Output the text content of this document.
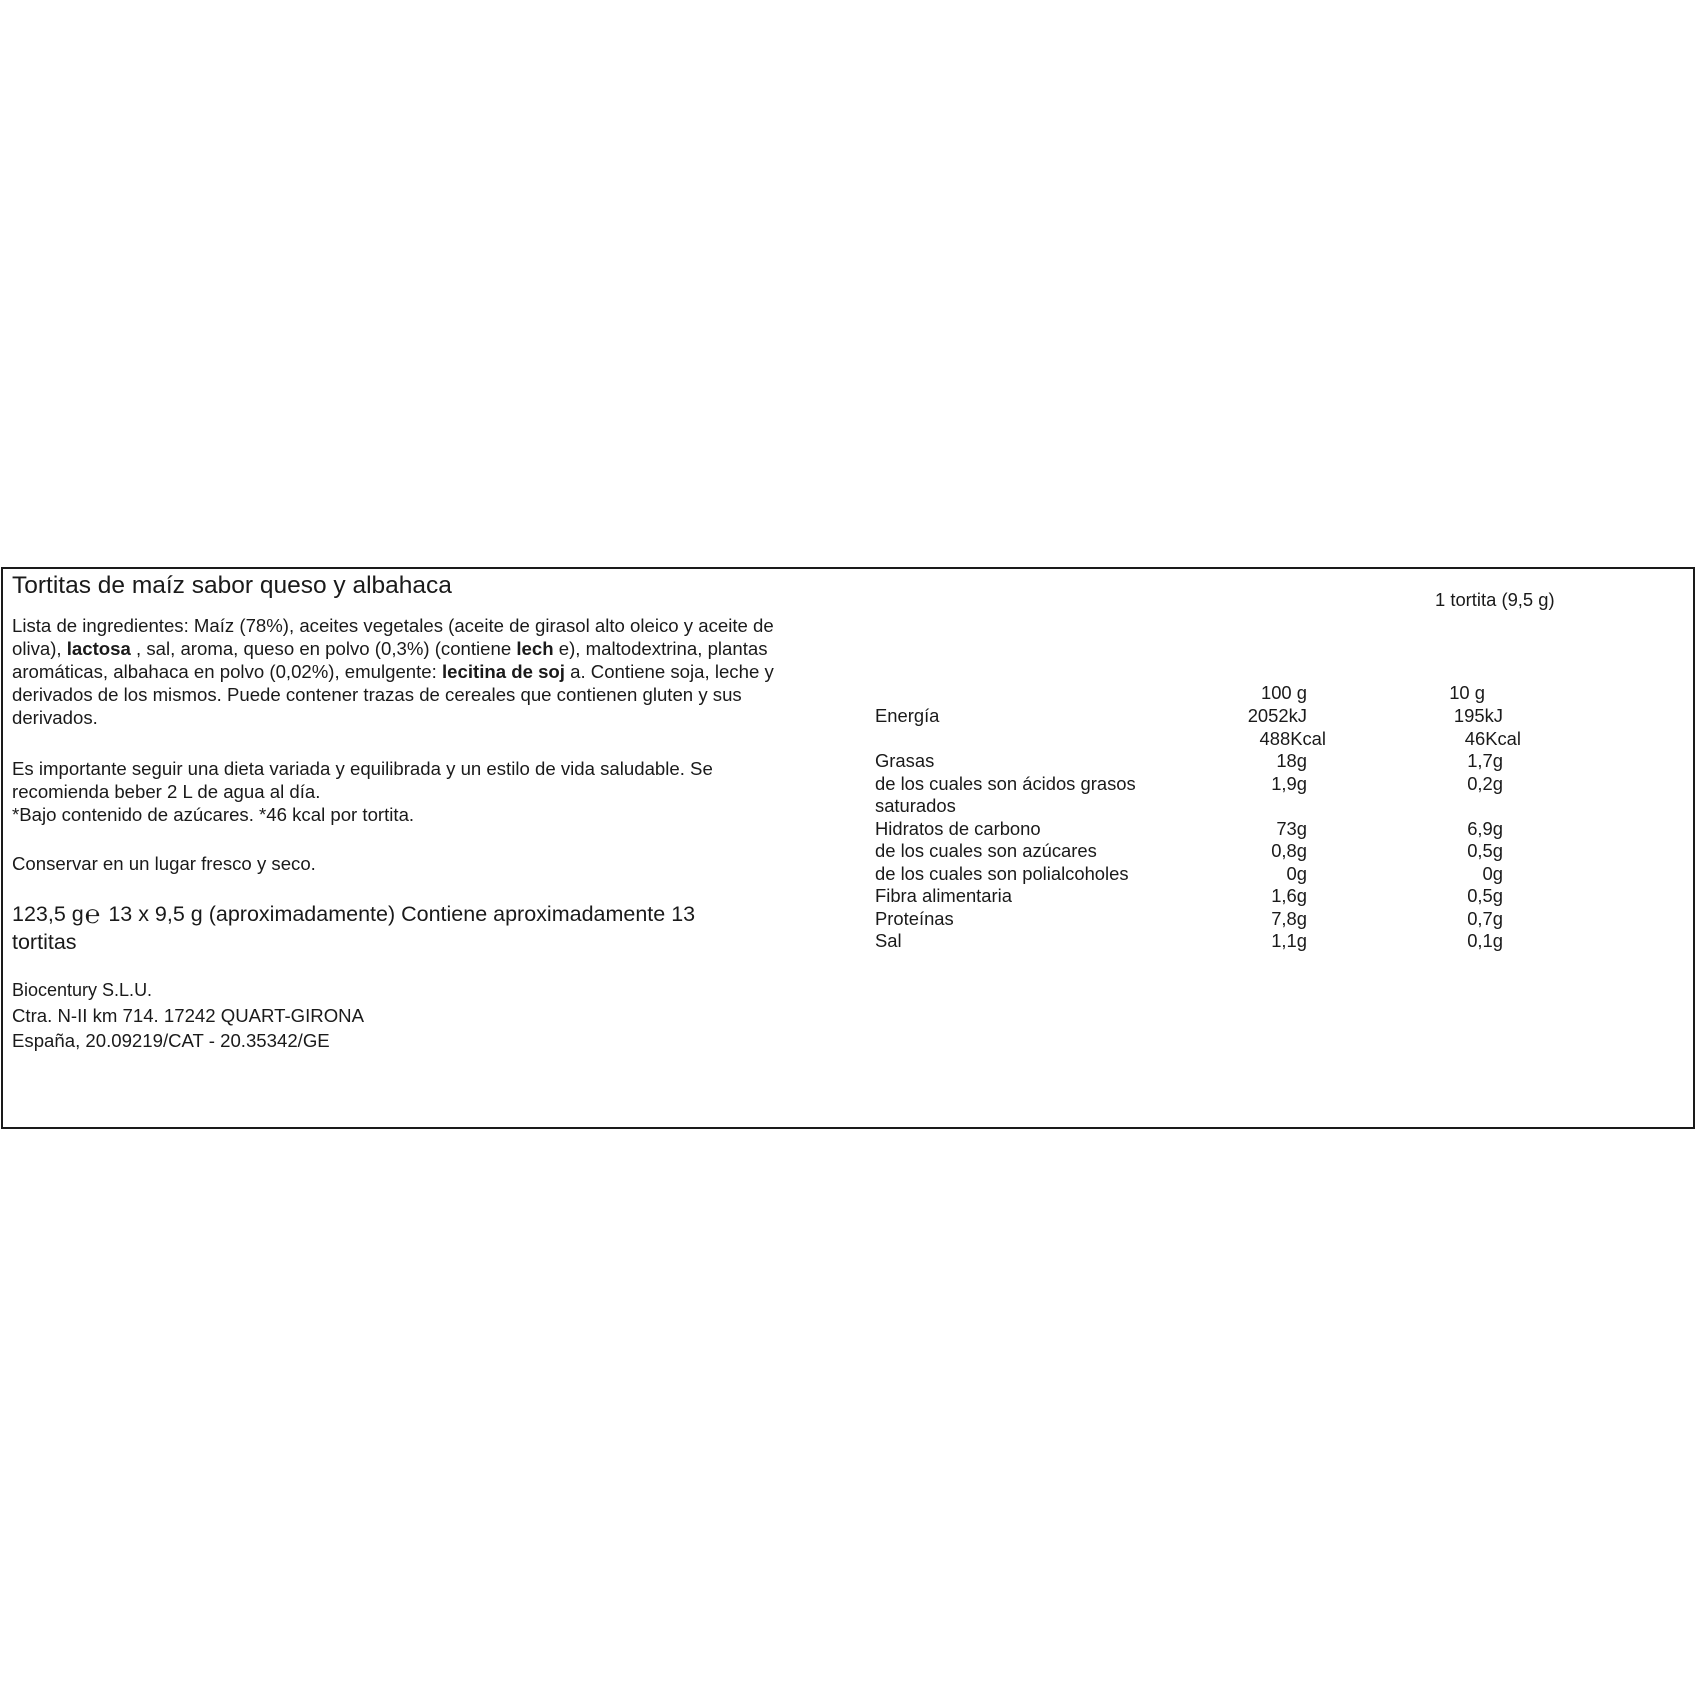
Tortitas de maíz sabor queso y albahaca
Lista de ingredientes: Maíz (78%), aceites vegetales (aceite de girasol alto oleico y aceite de
oliva), lactosa , sal, aroma, queso en polvo (0,3%) (contiene lech e), maltodextrina, plantas
aromáticas, albahaca en polvo (0,02%), emulgente: lecitina de soj a. Contiene soja, leche y
derivados de los mismos. Puede contener trazas de cereales que contienen gluten y sus
derivados.
Es importante seguir una dieta variada y equilibrada y un estilo de vida saludable. Se
recomienda beber 2 L de agua al día.
*Bajo contenido de azúcares. *46 kcal por tortita.
Conservar en un lugar fresco y seco.
123,5 g℮ 13 x 9,5 g (aproximadamente) Contiene aproximadamente 13
tortitas
Biocentury S.L.U.
Ctra. N-II km 714. 17242 QUART-GIRONA
España, 20.09219/CAT - 20.35342/GE
1 tortita (9,5 g)
100 g	10 g
Energía	2052kJ	195kJ
488Kcal	46Kcal
Grasas	18g	1,7g
de los cuales son ácidos grasos	1,9g	0,2g
saturados
Hidratos de carbono	73g	6,9g
de los cuales son azúcares	0,8g	0,5g
de los cuales son polialcoholes	0g	0g
Fibra alimentaria	1,6g	0,5g
Proteínas	7,8g	0,7g
Sal	1,1g	0,1g
